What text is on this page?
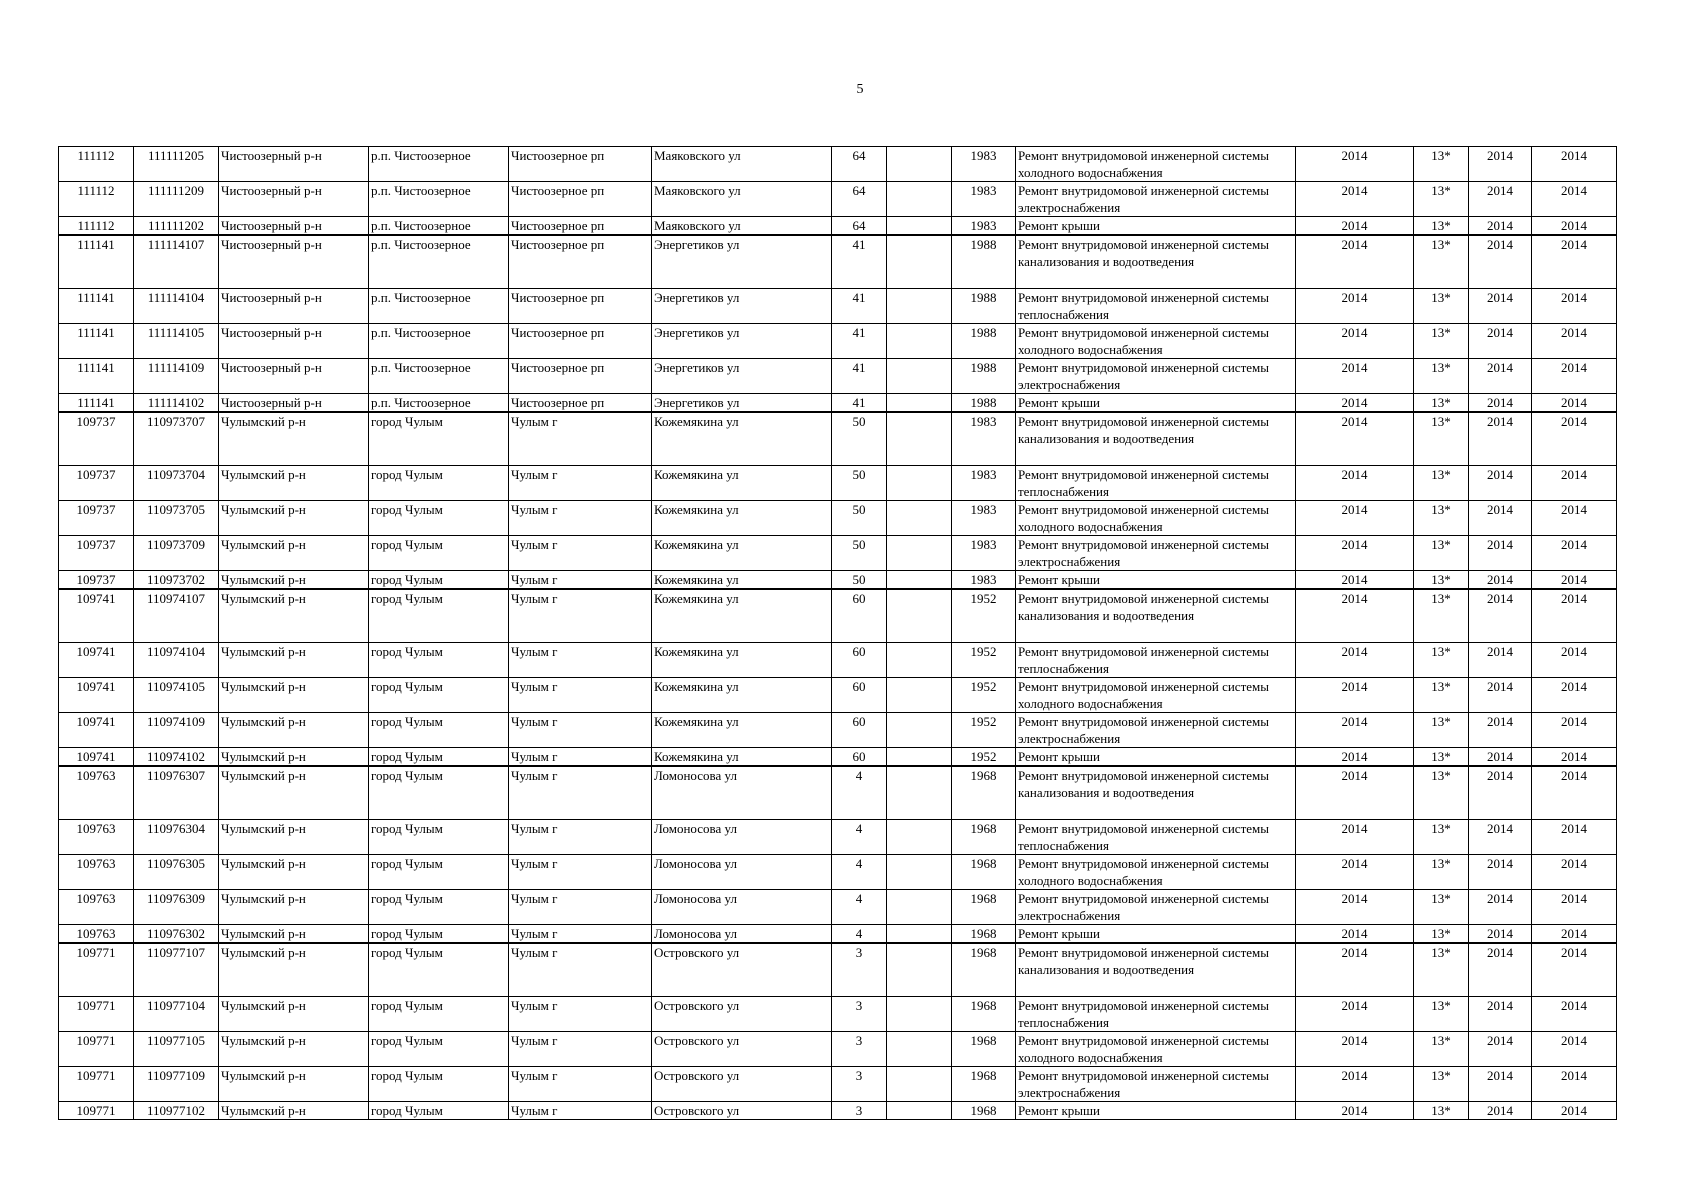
5
111112	111111205	Чистоозерный р-н	р.п. Чистоозерное	Чистоозерное рп	Маяковского ул	64		1983	Ремонт внутридомовой инженерной системы холодного водоснабжения	2014	13*	2014	2014
111112	111111209	Чистоозерный р-н	р.п. Чистоозерное	Чистоозерное рп	Маяковского ул	64		1983	Ремонт внутридомовой инженерной системы электроснабжения	2014	13*	2014	2014
111112	111111202	Чистоозерный р-н	р.п. Чистоозерное	Чистоозерное рп	Маяковского ул	64		1983	Ремонт крыши	2014	13*	2014	2014
111141	111114107	Чистоозерный р-н	р.п. Чистоозерное	Чистоозерное рп	Энергетиков ул	41		1988	Ремонт внутридомовой инженерной системы канализования и водоотведения	2014	13*	2014	2014
111141	111114104	Чистоозерный р-н	р.п. Чистоозерное	Чистоозерное рп	Энергетиков ул	41		1988	Ремонт внутридомовой инженерной системы теплоснабжения	2014	13*	2014	2014
111141	111114105	Чистоозерный р-н	р.п. Чистоозерное	Чистоозерное рп	Энергетиков ул	41		1988	Ремонт внутридомовой инженерной системы холодного водоснабжения	2014	13*	2014	2014
111141	111114109	Чистоозерный р-н	р.п. Чистоозерное	Чистоозерное рп	Энергетиков ул	41		1988	Ремонт внутридомовой инженерной системы электроснабжения	2014	13*	2014	2014
111141	111114102	Чистоозерный р-н	р.п. Чистоозерное	Чистоозерное рп	Энергетиков ул	41		1988	Ремонт крыши	2014	13*	2014	2014
109737	110973707	Чулымский р-н	город Чулым	Чулым г	Кожемякина ул	50		1983	Ремонт внутридомовой инженерной системы канализования и водоотведения	2014	13*	2014	2014
109737	110973704	Чулымский р-н	город Чулым	Чулым г	Кожемякина ул	50		1983	Ремонт внутридомовой инженерной системы теплоснабжения	2014	13*	2014	2014
109737	110973705	Чулымский р-н	город Чулым	Чулым г	Кожемякина ул	50		1983	Ремонт внутридомовой инженерной системы холодного водоснабжения	2014	13*	2014	2014
109737	110973709	Чулымский р-н	город Чулым	Чулым г	Кожемякина ул	50		1983	Ремонт внутридомовой инженерной системы электроснабжения	2014	13*	2014	2014
109737	110973702	Чулымский р-н	город Чулым	Чулым г	Кожемякина ул	50		1983	Ремонт крыши	2014	13*	2014	2014
109741	110974107	Чулымский р-н	город Чулым	Чулым г	Кожемякина ул	60		1952	Ремонт внутридомовой инженерной системы канализования и водоотведения	2014	13*	2014	2014
109741	110974104	Чулымский р-н	город Чулым	Чулым г	Кожемякина ул	60		1952	Ремонт внутридомовой инженерной системы теплоснабжения	2014	13*	2014	2014
109741	110974105	Чулымский р-н	город Чулым	Чулым г	Кожемякина ул	60		1952	Ремонт внутридомовой инженерной системы холодного водоснабжения	2014	13*	2014	2014
109741	110974109	Чулымский р-н	город Чулым	Чулым г	Кожемякина ул	60		1952	Ремонт внутридомовой инженерной системы электроснабжения	2014	13*	2014	2014
109741	110974102	Чулымский р-н	город Чулым	Чулым г	Кожемякина ул	60		1952	Ремонт крыши	2014	13*	2014	2014
109763	110976307	Чулымский р-н	город Чулым	Чулым г	Ломоносова ул	4		1968	Ремонт внутридомовой инженерной системы канализования и водоотведения	2014	13*	2014	2014
109763	110976304	Чулымский р-н	город Чулым	Чулым г	Ломоносова ул	4		1968	Ремонт внутридомовой инженерной системы теплоснабжения	2014	13*	2014	2014
109763	110976305	Чулымский р-н	город Чулым	Чулым г	Ломоносова ул	4		1968	Ремонт внутридомовой инженерной системы холодного водоснабжения	2014	13*	2014	2014
109763	110976309	Чулымский р-н	город Чулым	Чулым г	Ломоносова ул	4		1968	Ремонт внутридомовой инженерной системы электроснабжения	2014	13*	2014	2014
109763	110976302	Чулымский р-н	город Чулым	Чулым г	Ломоносова ул	4		1968	Ремонт крыши	2014	13*	2014	2014
109771	110977107	Чулымский р-н	город Чулым	Чулым г	Островского ул	3		1968	Ремонт внутридомовой инженерной системы канализования и водоотведения	2014	13*	2014	2014
109771	110977104	Чулымский р-н	город Чулым	Чулым г	Островского ул	3		1968	Ремонт внутридомовой инженерной системы теплоснабжения	2014	13*	2014	2014
109771	110977105	Чулымский р-н	город Чулым	Чулым г	Островского ул	3		1968	Ремонт внутридомовой инженерной системы холодного водоснабжения	2014	13*	2014	2014
109771	110977109	Чулымский р-н	город Чулым	Чулым г	Островского ул	3		1968	Ремонт внутридомовой инженерной системы электроснабжения	2014	13*	2014	2014
109771	110977102	Чулымский р-н	город Чулым	Чулым г	Островского ул	3		1968	Ремонт крыши	2014	13*	2014	2014
